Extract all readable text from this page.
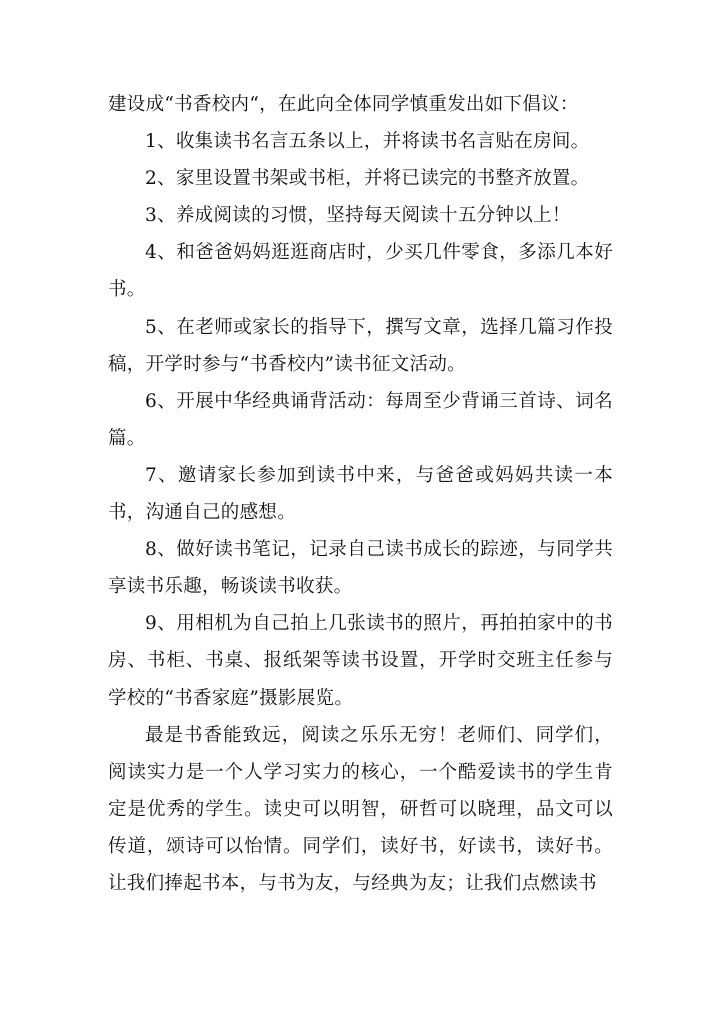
建设成“书香校内“，在此向全体同学慎重发出如下倡议：

1、收集读书名言五条以上，并将读书名言贴在房间。

2、家里设置书架或书柜，并将已读完的书整齐放置。

3、养成阅读的习惯，坚持每天阅读十五分钟以上！

4、和爸爸妈妈逛逛商店时，少买几件零食，多添几本好书。

5、在老师或家长的指导下，撰写文章，选择几篇习作投稿，开学时参与“书香校内”读书征文活动。

6、开展中华经典诵背活动：每周至少背诵三首诗、词名篇。

7、邀请家长参加到读书中来，与爸爸或妈妈共读一本书，沟通自己的感想。

8、做好读书笔记，记录自己读书成长的踪迹，与同学共享读书乐趣，畅谈读书收获。

9、用相机为自己拍上几张读书的照片，再拍拍家中的书房、书柜、书桌、报纸架等读书设置，开学时交班主任参与学校的“书香家庭”摄影展览。

最是书香能致远，阅读之乐乐无穷！老师们、同学们，阅读实力是一个人学习实力的核心，一个酷爱读书的学生肯定是优秀的学生。读史可以明智，研哲可以晓理，品文可以传道，颂诗可以怡情。同学们，读好书，好读书，读好书。让我们捧起书本，与书为友，与经典为友；让我们点燃读书
